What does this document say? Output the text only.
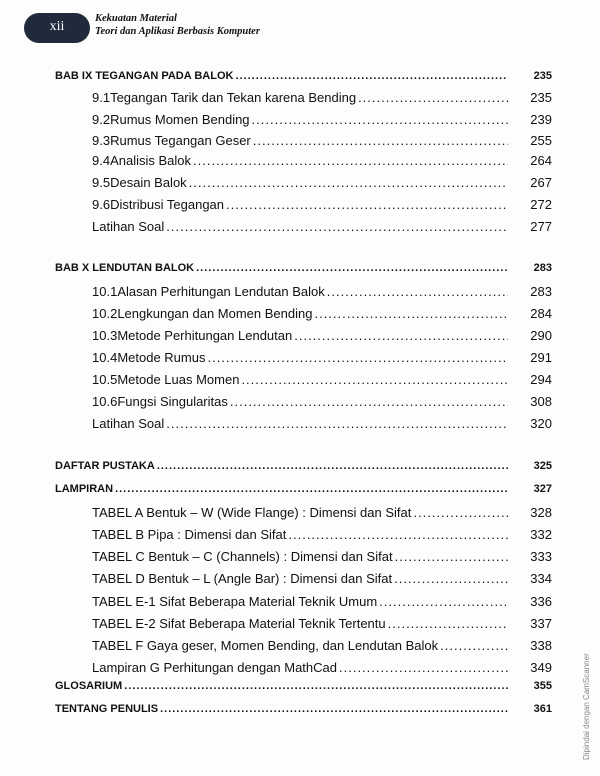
xii
Kekuatan Material
Teori dan Aplikasi Berbasis Komputer
BAB IX TEGANGAN PADA BALOK .....	235
9.1 Tegangan Tarik dan Tekan karena Bending .....	235
9.2 Rumus Momen Bending .....	239
9.3 Rumus Tegangan Geser .....	255
9.4 Analisis Balok .....	264
9.5 Desain Balok .....	267
9.6 Distribusi Tegangan .....	272
Latihan Soal .....	277
BAB X LENDUTAN BALOK .....	283
10.1 Alasan Perhitungan Lendutan Balok .....	283
10.2 Lengkungan dan Momen Bending .....	284
10.3 Metode Perhitungan Lendutan .....	290
10.4 Metode Rumus .....	291
10.5 Metode Luas Momen .....	294
10.6 Fungsi Singularitas .....	308
Latihan Soal .....	320
DAFTAR PUSTAKA .....	325
LAMPIRAN .....	327
TABEL A Bentuk – W (Wide Flange) : Dimensi dan Sifat .....	328
TABEL B Pipa : Dimensi dan Sifat .....	332
TABEL C Bentuk – C (Channels) : Dimensi dan Sifat .....	333
TABEL D Bentuk – L (Angle Bar) : Dimensi dan Sifat .....	334
TABEL E-1 Sifat Beberapa Material Teknik Umum .....	336
TABEL E-2 Sifat Beberapa Material Teknik Tertentu .....	337
TABEL F Gaya geser, Momen Bending, dan Lendutan Balok .....	338
Lampiran G Perhitungan dengan MathCad .....	349
GLOSARIUM .....	355
TENTANG PENULIS .....	361	Dipindai dengan CamScanner
